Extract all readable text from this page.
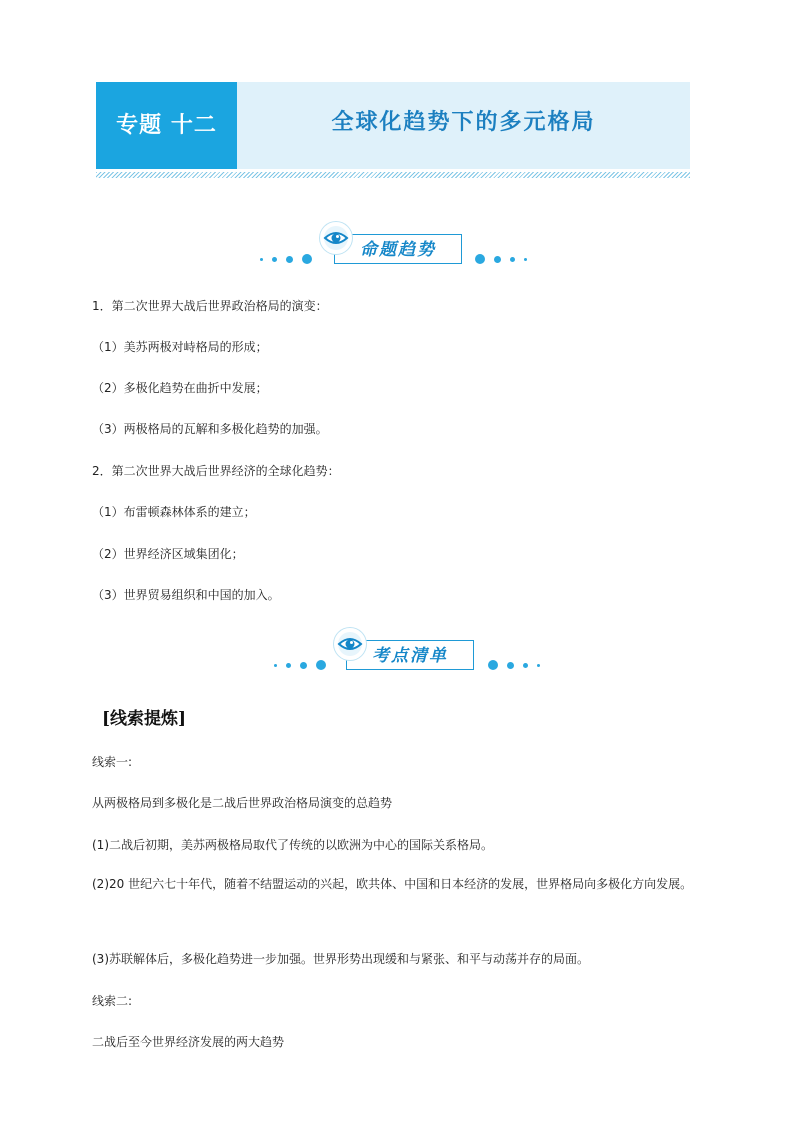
专题 十二	全球化趋势下的多元格局
命题趋势
1．第二次世界大战后世界政治格局的演变：
（1）美苏两极对峙格局的形成；
（2）多极化趋势在曲折中发展；
（3）两极格局的瓦解和多极化趋势的加强。
2．第二次世界大战后世界经济的全球化趋势：
（1）布雷顿森林体系的建立；
（2）世界经济区域集团化；
（3）世界贸易组织和中国的加入。
考点清单
[线索提炼]
线索一:
从两极格局到多极化是二战后世界政治格局演变的总趋势
(1)二战后初期，美苏两极格局取代了传统的以欧洲为中心的国际关系格局。
(2)20 世纪六七十年代，随着不结盟运动的兴起，欧共体、中国和日本经济的发展，世界格局向多极化方向发展。
(3)苏联解体后，多极化趋势进一步加强。世界形势出现缓和与紧张、和平与动荡并存的局面。
线索二:
二战后至今世界经济发展的两大趋势
